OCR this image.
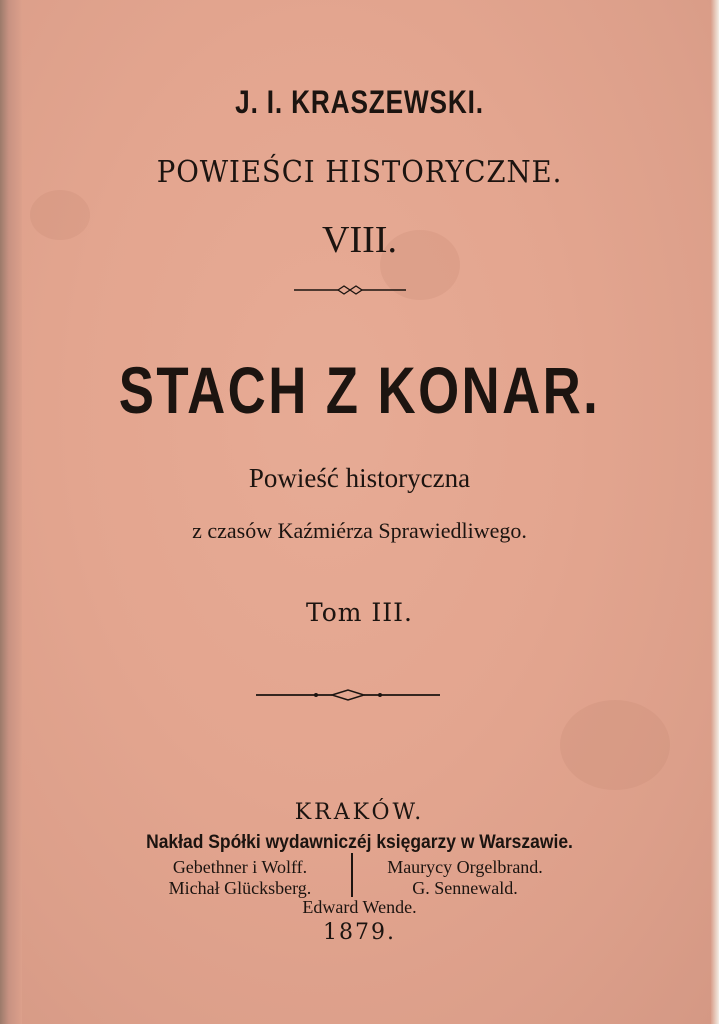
J. I. KRASZEWSKI.
POWIEŚCI HISTORYCZNE.
VIII.
STACH Z KONAR.
Powieść historyczna
z czasów Kaźmiérza Sprawiedliwego.
Tom III.
KRAKÓW.
Nakład Spółki wydawniczéj księgarzy w Warszawie.
Gebethner i Wolff.
Michał Glücksberg.
Maurycy Orgelbrand.
G. Sennewald.
Edward Wende.
1879.
